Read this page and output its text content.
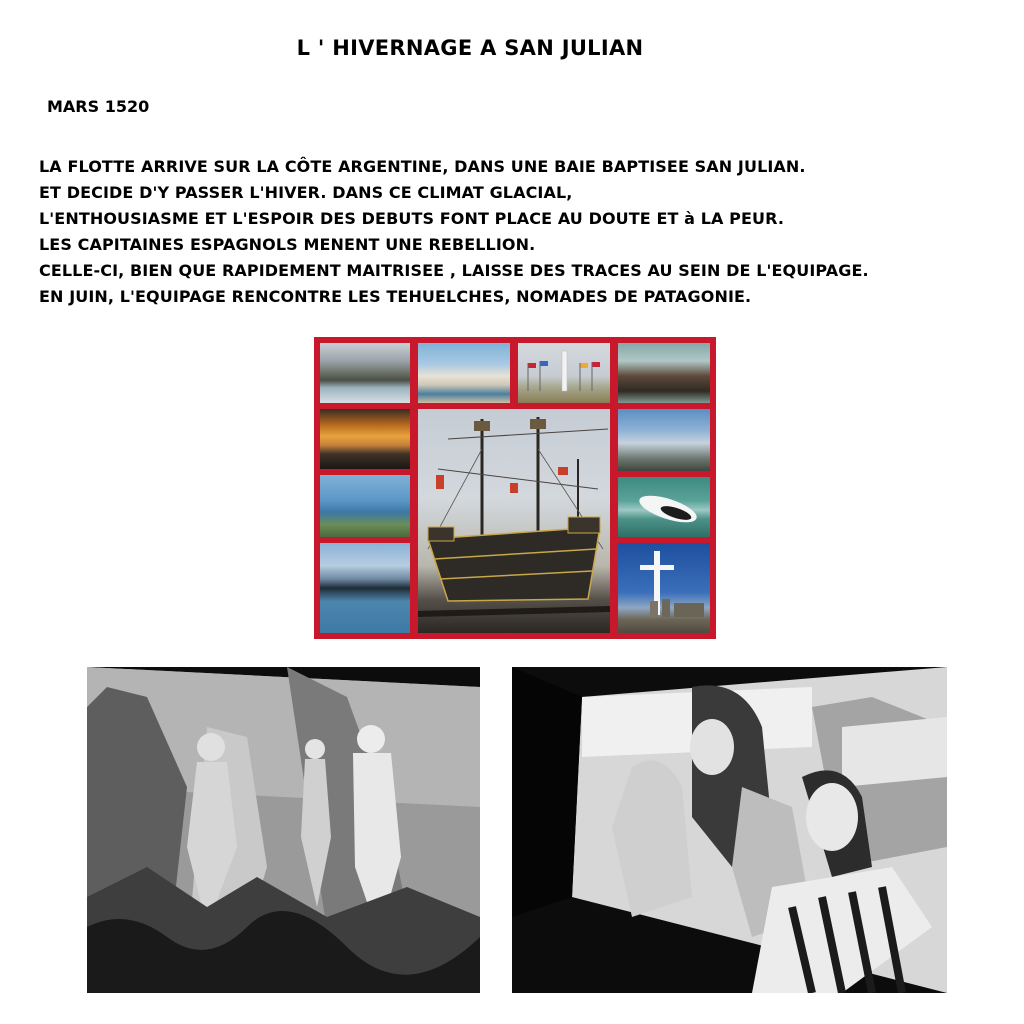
L ' HIVERNAGE A SAN JULIAN
MARS 1520
LA FLOTTE ARRIVE SUR LA CÔTE ARGENTINE, DANS UNE BAIE BAPTISEE SAN JULIAN.
ET DECIDE D'Y PASSER L'HIVER. DANS CE CLIMAT GLACIAL,
L'ENTHOUSIASME ET L'ESPOIR DES DEBUTS FONT PLACE AU DOUTE ET à LA PEUR.
LES CAPITAINES ESPAGNOLS MENENT UNE REBELLION.
CELLE-CI, BIEN QUE RAPIDEMENT MAITRISEE , LAISSE DES TRACES AU SEIN DE L'EQUIPAGE.
EN JUIN, L'EQUIPAGE RENCONTRE LES TEHUELCHES, NOMADES DE PATAGONIE.
